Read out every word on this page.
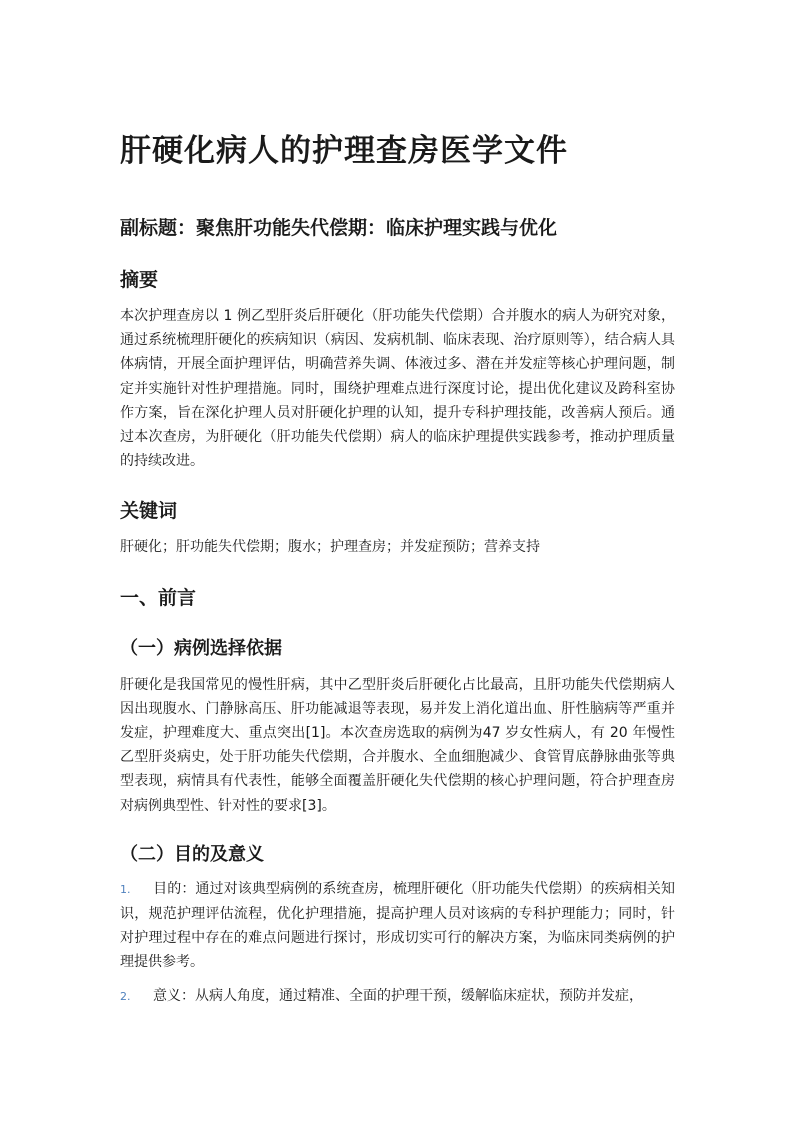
肝硬化病人的护理查房医学文件
副标题：聚焦肝功能失代偿期：临床护理实践与优化
摘要

本次护理查房以 1 例乙型肝炎后肝硬化（肝功能失代偿期）合并腹水的病人为研究对象，通过系统梳理肝硬化的疾病知识（病因、发病机制、临床表现、治疗原则等），结合病人具体病情，开展全面护理评估，明确营养失调、体液过多、潜在并发症等核心护理问题，制定并实施针对性护理措施。同时，围绕护理难点进行深度讨论，提出优化建议及跨科室协作方案，旨在深化护理人员对肝硬化护理的认知，提升专科护理技能，改善病人预后。通过本次查房，为肝硬化（肝功能失代偿期）病人的临床护理提供实践参考，推动护理质量的持续改进。

关键词

肝硬化；肝功能失代偿期；腹水；护理查房；并发症预防；营养支持

一、前言
（一）病例选择依据

肝硬化是我国常见的慢性肝病，其中乙型肝炎后肝硬化占比最高，且肝功能失代偿期病人因出现腹水、门静脉高压、肝功能减退等表现，易并发上消化道出血、肝性脑病等严重并发症，护理难度大、重点突出[1]。本次查房选取的病例为47 岁女性病人，有 20 年慢性乙型肝炎病史，处于肝功能失代偿期，合并腹水、全血细胞减少、食管胃底静脉曲张等典型表现，病情具有代表性，能够全面覆盖肝硬化失代偿期的核心护理问题，符合护理查房对病例典型性、针对性的要求[3]。

（二）目的及意义
1. 目的：通过对该典型病例的系统查房，梳理肝硬化（肝功能失代偿期）的疾病相关知识，规范护理评估流程，优化护理措施，提高护理人员对该病的专科护理能力；同时，针对护理过程中存在的难点问题进行探讨，形成切实可行的解决方案，为临床同类病例的护理提供参考。
2. 意义：从病人角度，通过精准、全面的护理干预，缓解临床症状，预防并发症，
